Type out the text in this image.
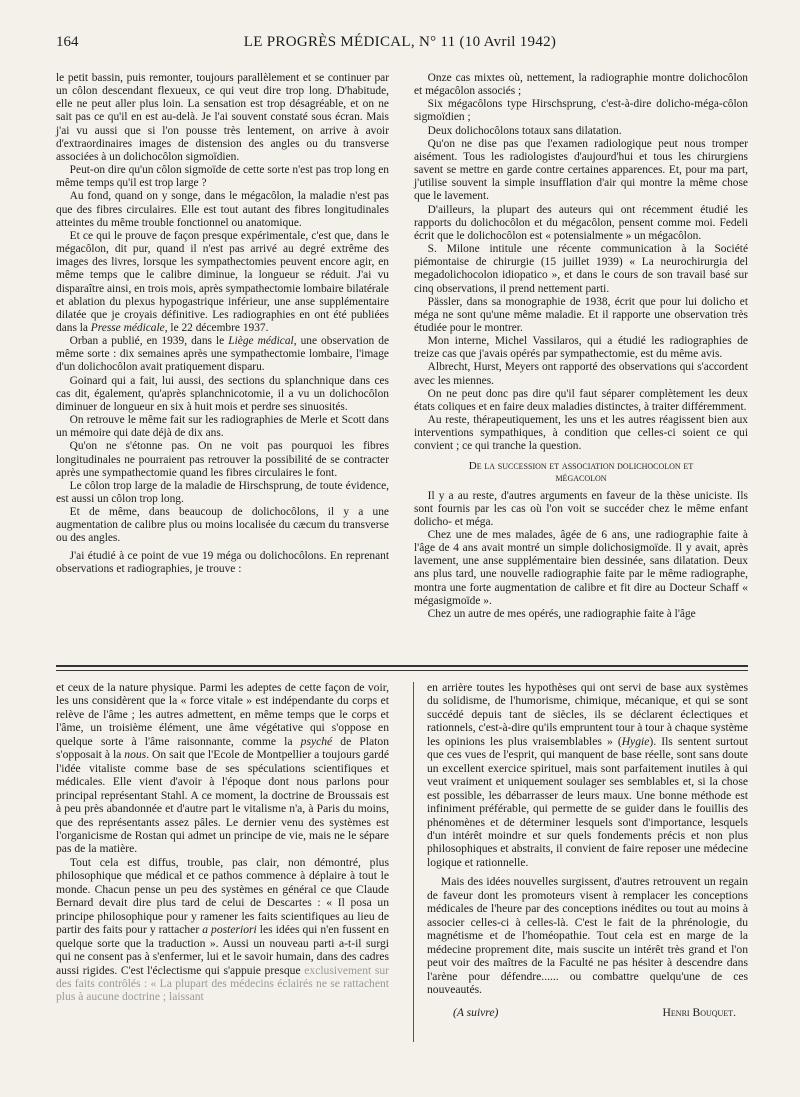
164	LE PROGRÈS MÉDICAL, N° 11 (10 Avril 1942)

le petit bassin, puis remonter, toujours parallèlement et se continuer par un côlon descendant flexueux, ce qui veut dire trop long. D'habitude, elle ne peut aller plus loin. La sensation est trop désagréable, et on ne sait pas ce qu'il en est au-delà. Je l'ai souvent constaté sous écran. Mais j'ai vu aussi que si l'on pousse très lentement, on arrive à avoir d'extraordinaires images de distension des angles ou du transverse associées à un dolichocôlon sigmoïdien.

Peut-on dire qu'un côlon sigmoïde de cette sorte n'est pas trop long en même temps qu'il est trop large ?

Au fond, quand on y songe, dans le mégacôlon, la maladie n'est pas que des fibres circulaires. Elle est tout autant des fibres longitudinales atteintes du même trouble fonctionnel ou anatomique.

Et ce qui le prouve de façon presque expérimentale, c'est que, dans le mégacôlon, dit pur, quand il n'est pas arrivé au degré extrême des images des livres, lorsque les sympathectomies peuvent encore agir, en même temps que le calibre diminue, la longueur se réduit. J'ai vu disparaître ainsi, en trois mois, après sympathectomie lombaire bilatérale et ablation du plexus hypogastrique inférieur, une anse supplémentaire dilatée que je croyais définitive. Les radiographies en ont été publiées dans la Presse médicale, le 22 décembre 1937.

Orban a publié, en 1939, dans le Liège médical, une observation de même sorte : dix semaines après une sympathectomie lombaire, l'image d'un dolichocôlon avait pratiquement disparu.

Goinard qui a fait, lui aussi, des sections du splanchnique dans ces cas dit, également, qu'après splanchnicotomie, il a vu un dolichocôlon diminuer de longueur en six à huit mois et perdre ses sinuosités.

On retrouve le même fait sur les radiographies de Merle et Scott dans un mémoire qui date déjà de dix ans.

Qu'on ne s'étonne pas. On ne voit pas pourquoi les fibres longitudinales ne pourraient pas retrouver la possibilité de se contracter après une sympathectomie quand les fibres circulaires le font.

Le côlon trop large de la maladie de Hirschsprung, de toute évidence, est aussi un côlon trop long.

Et de même, dans beaucoup de dolichocôlons, il y a une augmentation de calibre plus ou moins localisée du cæcum du transverse ou des angles.

J'ai étudié à ce point de vue 19 méga ou dolichocôlons. En reprenant observations et radiographies, je trouve :

Onze cas mixtes où, nettement, la radiographie montre dolichocôlon et mégacôlon associés ;

Six mégacôlons type Hirschsprung, c'est-à-dire dolicho-méga-côlon sigmoïdien ;

Deux dolichocôlons totaux sans dilatation.

Qu'on ne dise pas que l'examen radiologique peut nous tromper aisément. Tous les radiologistes d'aujourd'hui et tous les chirurgiens savent se mettre en garde contre certaines apparences. Et, pour ma part, j'utilise souvent la simple insufflation d'air qui montre la même chose que le lavement.

D'ailleurs, la plupart des auteurs qui ont récemment étudié les rapports du dolichocôlon et du mégacôlon, pensent comme moi. Fedeli écrit que le dolichocôlon est « potensialmente » un mégacôlon.

S. Milone intitule une récente communication à la Société piémontaise de chirurgie (15 juillet 1939) « La neurochirurgia del megadolichocolon idiopatico », et dans le cours de son travail basé sur cinq observations, il prend nettement parti.

Pässler, dans sa monographie de 1938, écrit que pour lui dolicho et méga ne sont qu'une même maladie. Et il rapporte une observation très étudiée pour le montrer.

Mon interne, Michel Vassilaros, qui a étudié les radiographies de treize cas que j'avais opérés par sympathectomie, est du même avis.

Albrecht, Hurst, Meyers ont rapporté des observations qui s'accordent avec les miennes.

On ne peut donc pas dire qu'il faut séparer complètement les deux états coliques et en faire deux maladies distinctes, à traiter différemment.

Au reste, thérapeutiquement, les uns et les autres réagissent bien aux interventions sympathiques, à condition que celles-ci soient ce qui convient ; ce qui tranche la question.

De la succession et association dolichocolon et
mégacolon

Il y a au reste, d'autres arguments en faveur de la thèse uniciste. Ils sont fournis par les cas où l'on voit se succéder chez le même enfant dolicho- et méga.

Chez une de mes malades, âgée de 6 ans, une radiographie faite à l'âge de 4 ans avait montré un simple dolichosigmoïde. Il y avait, après lavement, une anse supplémentaire bien dessinée, sans dilatation. Deux ans plus tard, une nouvelle radiographie faite par le même radiographe, montra une forte augmentation de calibre et fit dire au Docteur Schaff « mégasigmoïde ».

Chez un autre de mes opérés, une radiographie faite à l'âge

et ceux de la nature physique. Parmi les adeptes de cette façon de voir, les uns considèrent que la « force vitale » est indépendante du corps et relève de l'âme ; les autres admettent, en même temps que le corps et l'âme, un troisième élément, une âme végétative qui s'oppose en quelque sorte à l'âme raisonnante, comme la psyché de Platon s'opposait à la nous. On sait que l'Ecole de Montpellier a toujours gardé l'idée vitaliste comme base de ses spéculations scientifiques et médicales. Elle vient d'avoir à l'époque dont nous parlons pour principal représentant Stahl. A ce moment, la doctrine de Broussais est à peu près abandonnée et d'autre part le vitalisme n'a, à Paris du moins, que des représentants assez pâles. Le dernier venu des systèmes est l'organicisme de Rostan qui admet un principe de vie, mais ne le sépare pas de la matière.

Tout cela est diffus, trouble, pas clair, non démontré, plus philosophique que médical et ce pathos commence à déplaire à tout le monde. Chacun pense un peu des systèmes en général ce que Claude Bernard devait dire plus tard de celui de Descartes : « Il posa un principe philosophique pour y ramener les faits scientifiques au lieu de partir des faits pour y rattacher a posteriori les idées qui n'en fussent en quelque sorte que la traduction ». Aussi un nouveau parti a-t-il surgi qui ne consent pas à s'enfermer, lui et le savoir humain, dans des cadres aussi rigides. C'est l'éclectisme qui s'appuie presque exclusivement sur des faits contrôlés : « La plupart des médecins éclairés ne se rattachent plus à aucune doctrine ; laissant

en arrière toutes les hypothèses qui ont servi de base aux systèmes du solidisme, de l'humorisme, chimique, mécanique, et qui se sont succédé depuis tant de siècles, ils se déclarent éclectiques et rationnels, c'est-à-dire qu'ils empruntent tour à tour à chaque système les opinions les plus vraisemblables » (Hygie). Ils sentent surtout que ces vues de l'esprit, qui manquent de base réelle, sont sans doute un excellent exercice spirituel, mais sont parfaitement inutiles à qui veut vraiment et uniquement soulager ses semblables et, si la chose est possible, les débarrasser de leurs maux. Une bonne méthode est infiniment préférable, qui permette de se guider dans le fouillis des phénomènes et de déterminer lesquels sont d'importance, lesquels d'un intérêt moindre et sur quels fondements précis et non plus philosophiques et abstraits, il convient de faire reposer une médecine logique et rationnelle.

Mais des idées nouvelles surgissent, d'autres retrouvent un regain de faveur dont les promoteurs visent à remplacer les conceptions médicales de l'heure par des conceptions inédites ou tout au moins à associer celles-ci à celles-là. C'est le fait de la phrénologie, du magnétisme et de l'homéopathie. Tout cela est en marge de la médecine proprement dite, mais suscite un intérêt très grand et l'on peut voir des maîtres de la Faculté ne pas hésiter à descendre dans l'arène pour défendre...... ou combattre quelqu'une de ces nouveautés.

(A suivre)	Henri Bouquet.
